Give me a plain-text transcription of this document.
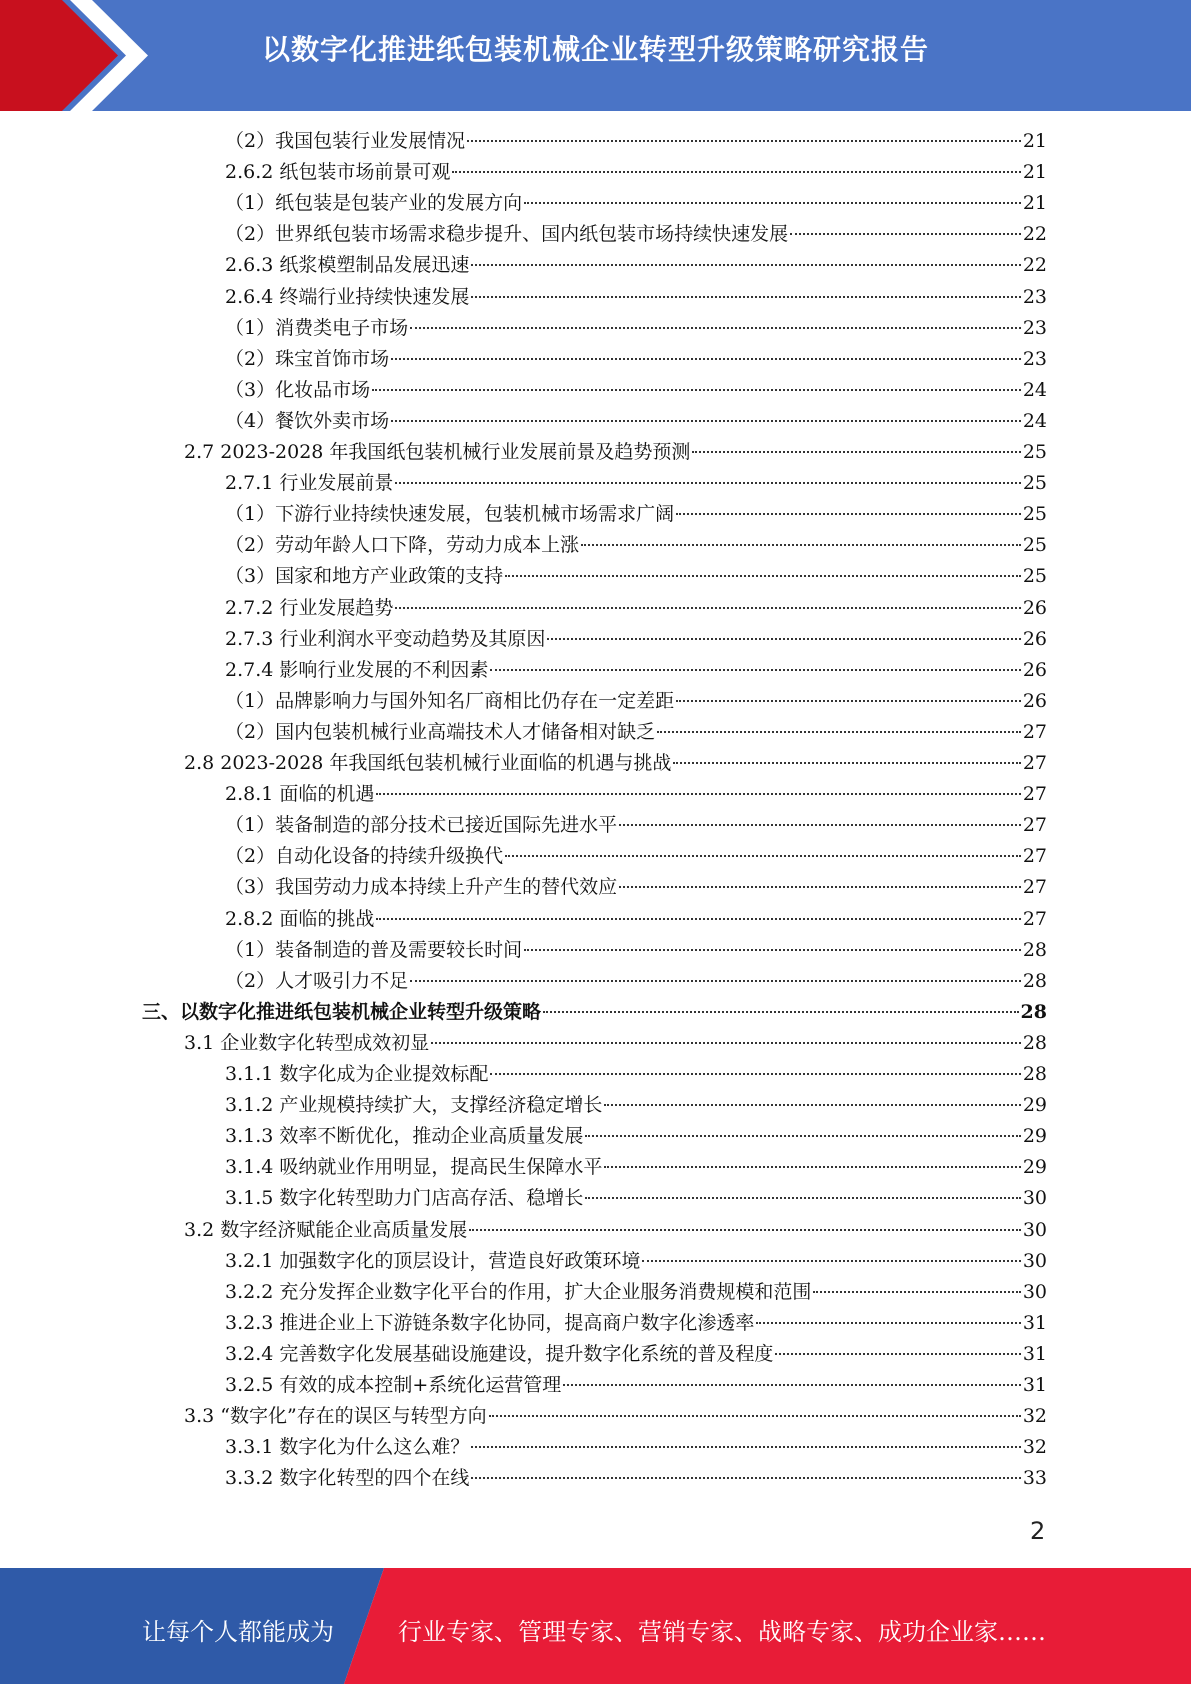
以数字化推进纸包装机械企业转型升级策略研究报告
（2）我国包装行业发展情况	21
2.6.2 纸包装市场前景可观	21
（1）纸包装是包装产业的发展方向	21
（2）世界纸包装市场需求稳步提升、国内纸包装市场持续快速发展	22
2.6.3 纸浆模塑制品发展迅速	22
2.6.4 终端行业持续快速发展	23
（1）消费类电子市场	23
（2）珠宝首饰市场	23
（3）化妆品市场	24
（4）餐饮外卖市场	24
2.7 2023-2028 年我国纸包装机械行业发展前景及趋势预测	25
2.7.1 行业发展前景	25
（1）下游行业持续快速发展，包装机械市场需求广阔	25
（2）劳动年龄人口下降，劳动力成本上涨	25
（3）国家和地方产业政策的支持	25
2.7.2 行业发展趋势	26
2.7.3 行业利润水平变动趋势及其原因	26
2.7.4 影响行业发展的不利因素	26
（1）品牌影响力与国外知名厂商相比仍存在一定差距	26
（2）国内包装机械行业高端技术人才储备相对缺乏	27
2.8 2023-2028 年我国纸包装机械行业面临的机遇与挑战	27
2.8.1 面临的机遇	27
（1）装备制造的部分技术已接近国际先进水平	27
（2）自动化设备的持续升级换代	27
（3）我国劳动力成本持续上升产生的替代效应	27
2.8.2 面临的挑战	27
（1）装备制造的普及需要较长时间	28
（2）人才吸引力不足	28
三、以数字化推进纸包装机械企业转型升级策略	28
3.1 企业数字化转型成效初显	28
3.1.1 数字化成为企业提效标配	28
3.1.2 产业规模持续扩大，支撑经济稳定增长	29
3.1.3 效率不断优化，推动企业高质量发展	29
3.1.4 吸纳就业作用明显，提高民生保障水平	29
3.1.5 数字化转型助力门店高存活、稳增长	30
3.2 数字经济赋能企业高质量发展	30
3.2.1 加强数字化的顶层设计，营造良好政策环境	30
3.2.2 充分发挥企业数字化平台的作用，扩大企业服务消费规模和范围	30
3.2.3 推进企业上下游链条数字化协同，提高商户数字化渗透率	31
3.2.4 完善数字化发展基础设施建设，提升数字化系统的普及程度	31
3.2.5 有效的成本控制+系统化运营管理	31
3.3 “数字化”存在的误区与转型方向	32
3.3.1 数字化为什么这么难？	32
3.3.2 数字化转型的四个在线	33
2
让每个人都能成为	行业专家、管理专家、营销专家、战略专家、成功企业家……
